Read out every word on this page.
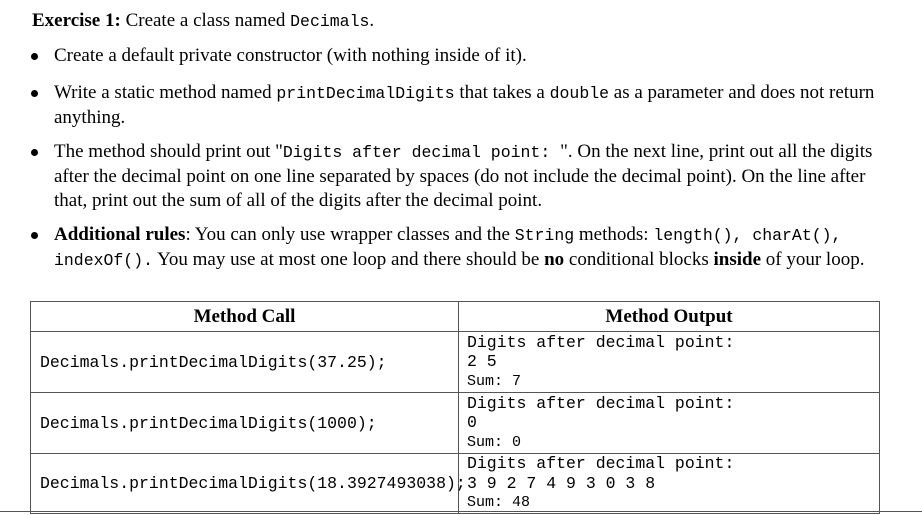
Exercise 1: Create a class named Decimals.
Create a default private constructor (with nothing inside of it).
Write a static method named printDecimalDigits that takes a double as a parameter and does not return anything.
The method should print out "Digits after decimal point: ". On the next line, print out all the digits after the decimal point on one line separated by spaces (do not include the decimal point). On the line after that, print out the sum of all of the digits after the decimal point.
Additional rules: You can only use wrapper classes and the String methods: length(), charAt(), indexOf(). You may use at most one loop and there should be no conditional blocks inside of your loop.
Method Call	Method Output
Decimals.printDecimalDigits(37.25);	Digits after decimal point:
2 5
Sum: 7

Decimals.printDecimalDigits(1000);	Digits after decimal point:
0
Sum: 0

Decimals.printDecimalDigits(18.3927493038);	Digits after decimal point:
3 9 2 7 4 9 3 0 3 8
Sum: 48
